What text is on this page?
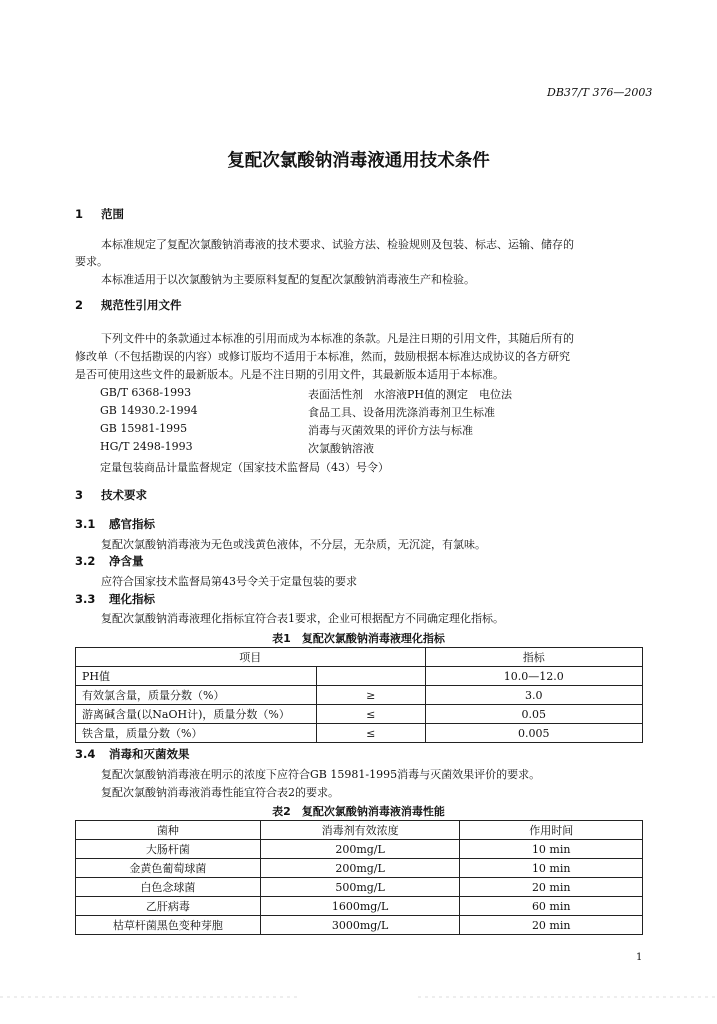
DB37/T 376—2003
复配次氯酸钠消毒液通用技术条件
1 范围
本标准规定了复配次氯酸钠消毒液的技术要求、试验方法、检验规则及包装、标志、运输、储存的
要求。
本标准适用于以次氯酸钠为主要原料复配的复配次氯酸钠消毒液生产和检验。
2 规范性引用文件
下列文件中的条款通过本标准的引用而成为本标准的条款。凡是注日期的引用文件，其随后所有的
修改单（不包括勘误的内容）或修订版均不适用于本标准，然而，鼓励根据本标准达成协议的各方研究
是否可使用这些文件的最新版本。凡是不注日期的引用文件，其最新版本适用于本标准。
GB/T 6368-1993	表面活性剂　水溶液PH值的测定　电位法
GB 14930.2-1994	食品工具、设备用洗涤消毒剂卫生标准
GB 15981-1995	消毒与灭菌效果的评价方法与标准
HG/T 2498-1993	次氯酸钠溶液
定量包装商品计量监督规定（国家技术监督局（43）号令）
3 技术要求
3.1 感官指标
复配次氯酸钠消毒液为无色或浅黄色液体，不分层，无杂质，无沉淀，有氯味。
3.2 净含量
应符合国家技术监督局第43号令关于定量包装的要求
3.3 理化指标
复配次氯酸钠消毒液理化指标宜符合表1要求，企业可根据配方不同确定理化指标。
表1　复配次氯酸钠消毒液理化指标
项目		指标
PH值		10.0—12.0
有效氯含量，质量分数（%）	≥	3.0
游离碱含量(以NaOH计)，质量分数（%）	≤	0.05
铁含量，质量分数（%）	≤	0.005
3.4 消毒和灭菌效果
复配次氯酸钠消毒液在明示的浓度下应符合GB 15981-1995消毒与灭菌效果评价的要求。
复配次氯酸钠消毒液消毒性能宜符合表2的要求。
表2　复配次氯酸钠消毒液消毒性能
菌种	消毒剂有效浓度	作用时间
大肠杆菌	200mg/L	10 min
金黄色葡萄球菌	200mg/L	10 min
白色念球菌	500mg/L	20 min
乙肝病毒	1600mg/L	60 min
枯草杆菌黑色变种芽胞	3000mg/L	20 min
1
